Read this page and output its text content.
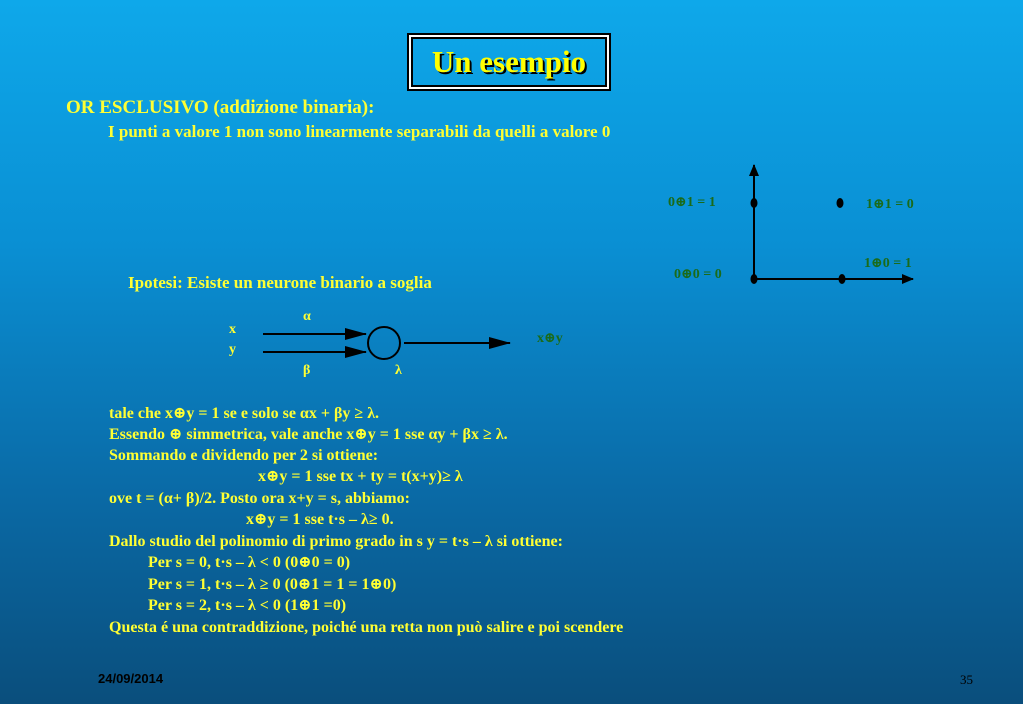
Un esempio
OR ESCLUSIVO (addizione binaria):
I punti a valore 1 non sono linearmente separabili da quelli a valore 0
0⊕1 = 1	1⊕1 = 0
1⊕0 = 1
0⊕0 = 0
Ipotesi: Esiste un neurone binario a soglia
x
y
α
β	λ
x⊕y
tale che x⊕y = 1 se e solo se αx + βy ≥ λ.
Essendo ⊕ simmetrica, vale anche x⊕y = 1 sse αy + βx ≥ λ.
Sommando e dividendo per 2 si ottiene:
x⊕y = 1 sse tx + ty = t(x+y)≥ λ
ove t = (α+ β)/2. Posto ora x+y = s, abbiamo:
x⊕y = 1 sse t·s – λ≥ 0.
Dallo studio del polinomio di primo grado in s y = t·s – λ si ottiene:
Per s = 0, t·s – λ < 0 (0⊕0 = 0)
Per s = 1, t·s – λ ≥ 0 (0⊕1 = 1 = 1⊕0)
Per s = 2, t·s – λ < 0 (1⊕1 =0)
Questa é una contraddizione, poiché una retta non può salire e poi scendere
24/09/2014	35
